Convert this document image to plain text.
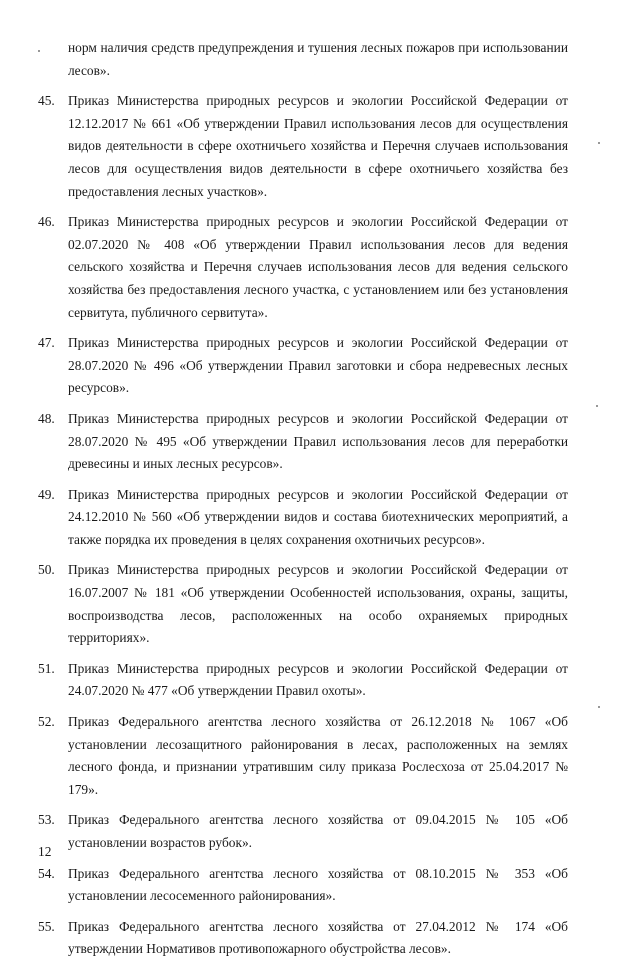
норм наличия средств предупреждения и тушения лесных пожаров при использовании лесов».
45. Приказ Министерства природных ресурсов и экологии Российской Федерации от 12.12.2017 № 661 «Об утверждении Правил использования лесов для осуществления видов деятельности в сфере охотничьего хозяйства и Перечня случаев использования лесов для осуществления видов деятельности в сфере охотничьего хозяйства без предоставления лесных участков».
46. Приказ Министерства природных ресурсов и экологии Российской Федерации от 02.07.2020 № 408 «Об утверждении Правил использования лесов для ведения сельского хозяйства и Перечня случаев использования лесов для ведения сельского хозяйства без предоставления лесного участка, с установлением или без установления сервитута, публичного сервитута».
47. Приказ Министерства природных ресурсов и экологии Российской Федерации от 28.07.2020 № 496 «Об утверждении Правил заготовки и сбора недревесных лесных ресурсов».
48. Приказ Министерства природных ресурсов и экологии Российской Федерации от 28.07.2020 № 495 «Об утверждении Правил использования лесов для переработки древесины и иных лесных ресурсов».
49. Приказ Министерства природных ресурсов и экологии Российской Федерации от 24.12.2010 № 560 «Об утверждении видов и состава биотехнических мероприятий, а также порядка их проведения в целях сохранения охотничьих ресурсов».
50. Приказ Министерства природных ресурсов и экологии Российской Федерации от 16.07.2007 № 181 «Об утверждении Особенностей использования, охраны, защиты, воспроизводства лесов, расположенных на особо охраняемых природных территориях».
51. Приказ Министерства природных ресурсов и экологии Российской Федерации от 24.07.2020 № 477 «Об утверждении Правил охоты».
52. Приказ Федерального агентства лесного хозяйства от 26.12.2018 № 1067 «Об установлении лесозащитного районирования в лесах, расположенных на землях лесного фонда, и признании утратившим силу приказа Рослесхоза от 25.04.2017 № 179».
53. Приказ Федерального агентства лесного хозяйства от 09.04.2015 № 105 «Об установлении возрастов рубок».
54. Приказ Федерального агентства лесного хозяйства от 08.10.2015 № 353 «Об установлении лесосеменного районирования».
55. Приказ Федерального агентства лесного хозяйства от 27.04.2012 № 174 «Об утверждении Нормативов противопожарного обустройства лесов».
12
